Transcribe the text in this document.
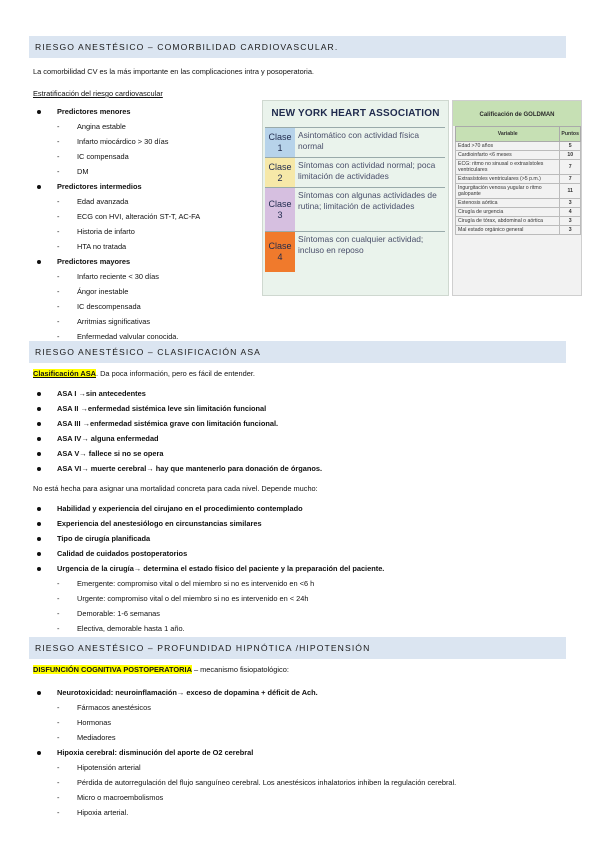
RIESGO ANESTÉSICO – COMORBILIDAD CARDIOVASCULAR.
La comorbilidad CV es la más importante en las complicaciones intra y posoperatoria.
Estratificación del riesgo cardiovascular
Predictores menores
- Angina estable
- Infarto miocárdico > 30 días
- IC compensada
- DM
Predictores intermedios
- Edad avanzada
- ECG con HVI, alteración ST-T, AC-FA
- Historia de infarto
- HTA no tratada
Predictores mayores
- Infarto reciente < 30 días
- Ángor inestable
- IC descompensada
- Arritmias significativas
- Enfermedad valvular conocida.
NEW YORK HEART ASSOCIATION
Clase
1
Asintomático con actividad física normal
Clase
2
Síntomas con actividad normal; poca limitación de actividades
Clase
3
Síntomas con algunas actividades de rutina; limitación de actividades
Clase
4
Síntomas con cualquier actividad; incluso en reposo
Calificación de GOLDMAN
Variable	Puntos
Edad >70 años	5
Cardioinfarto <6 meses	10
ECG: ritmo no sinusal o extrasístoles ventriculares	7
Extrasístoles ventriculares (>5 p.m.)	7
Ingurgitación venosa yugular o ritmo galopante	11
Estenosis aórtica	3
Cirugía de urgencia	4
Cirugía de tórax, abdominal o aórtica	3
Mal estado orgánico general	3
RIESGO ANESTÉSICO – CLASIFICACIÓN ASA
Clasificación ASA. Da poca información, pero es fácil de entender.
ASA I →sin antecedentes
ASA II →enfermedad sistémica leve sin limitación funcional
ASA III →enfermedad sistémica grave con limitación funcional.
ASA IV→ alguna enfermedad
ASA V→ fallece si no se opera
ASA VI→ muerte cerebral→ hay que mantenerlo para donación de órganos.
No está hecha para asignar una mortalidad concreta para cada nivel. Depende mucho:
Habilidad y experiencia del cirujano en el procedimiento contemplado
Experiencia del anestesiólogo en circunstancias similares
Tipo de cirugía planificada
Calidad de cuidados postoperatorios
Urgencia de la cirugía→ determina el estado físico del paciente y la preparación del paciente.
- Emergente: compromiso vital o del miembro si no es intervenido en <6 h
- Urgente: compromiso vital o del miembro si no es intervenido en < 24h
- Demorable: 1-6 semanas
- Electiva, demorable hasta 1 año.
RIESGO ANESTÉSICO – PROFUNDIDAD HIPNÓTICA /HIPOTENSIÓN
DISFUNCIÓN COGNITIVA POSTOPERATORIA – mecanismo fisiopatológico:
Neurotoxicidad: neuroinflamación→ exceso de dopamina + déficit de Ach.
- Fármacos anestésicos
- Hormonas
- Mediadores
Hipoxia cerebral: disminución del aporte de O2 cerebral
- Hipotensión arterial
- Pérdida de autorregulación del flujo sanguíneo cerebral. Los anestésicos inhalatorios inhiben la regulación cerebral.
- Micro o macroembolismos
- Hipoxia arterial.
